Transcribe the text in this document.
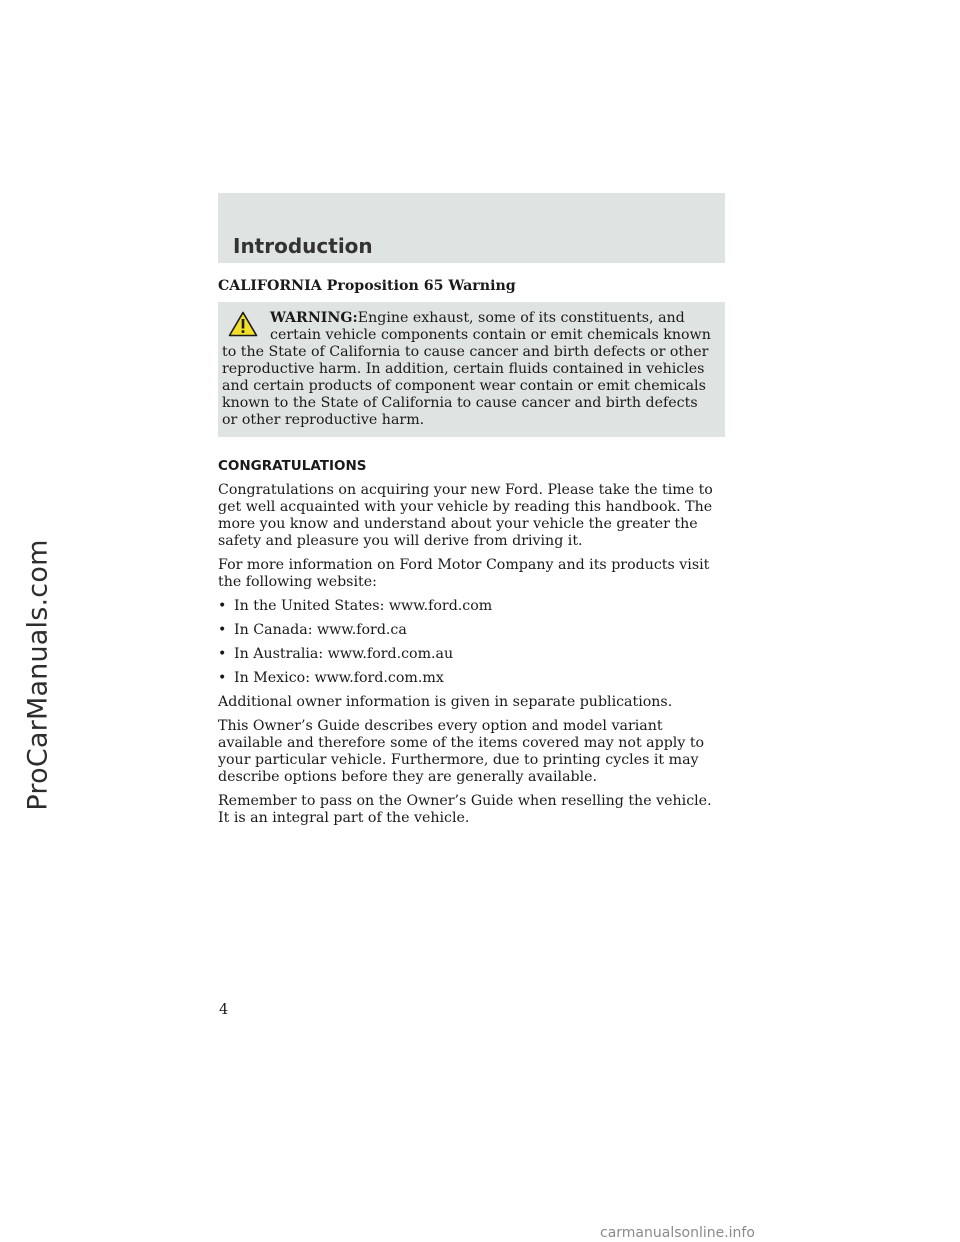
ProCarManuals.com
Introduction

CALIFORNIA Proposition 65 Warning

WARNING:Engine exhaust, some of its constituents, and certain vehicle components contain or emit chemicals known to the State of California to cause cancer and birth defects or other reproductive harm. In addition, certain fluids contained in vehicles and certain products of component wear contain or emit chemicals known to the State of California to cause cancer and birth defects or other reproductive harm.

CONGRATULATIONS

Congratulations on acquiring your new Ford. Please take the time to get well acquainted with your vehicle by reading this handbook. The more you know and understand about your vehicle the greater the safety and pleasure you will derive from driving it.

For more information on Ford Motor Company and its products visit the following website:

• In the United States: www.ford.com
• In Canada: www.ford.ca
• In Australia: www.ford.com.au
• In Mexico: www.ford.com.mx

Additional owner information is given in separate publications.

This Owner’s Guide describes every option and model variant available and therefore some of the items covered may not apply to your particular vehicle. Furthermore, due to printing cycles it may describe options before they are generally available.

Remember to pass on the Owner’s Guide when reselling the vehicle. It is an integral part of the vehicle.

4
carmanualsonline.info
